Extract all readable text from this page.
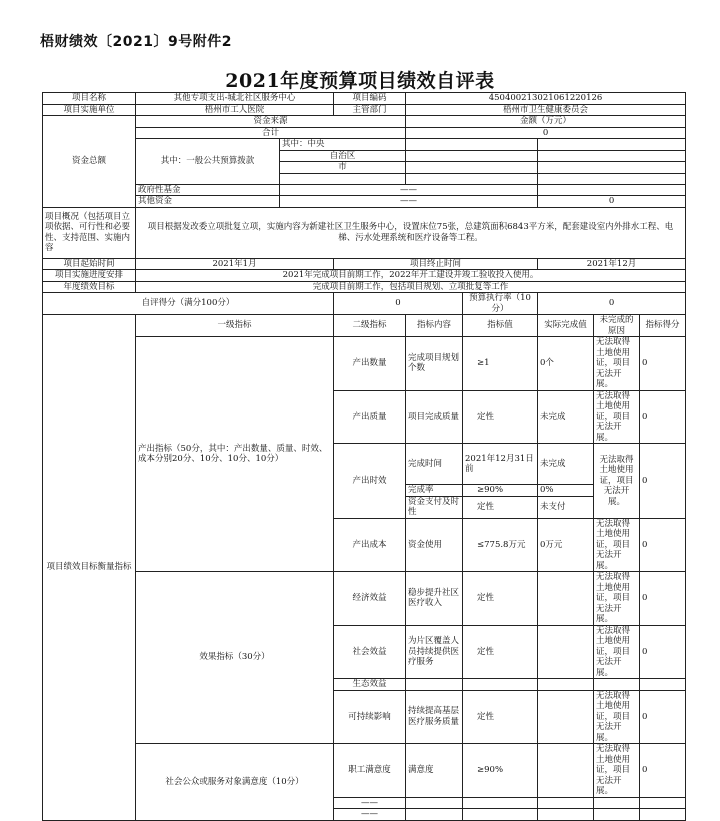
梧财绩效〔2021〕9号附件2
2021年度预算项目绩效自评表
项目名称	其他专项支出-城北社区服务中心		项目编码	450400213021061220126				
项目实施单位	梧州市工人医院		主管部门	梧州市卫生健康委员会				
资金总额	资金来源			金额（万元）				
	合计			0				
	其中：一般公共预算拨款	其中：中央						
		自治区						
		市						

	政府性基金	——						
	其他资金	——				0		
项目概况（包括项目立项依据、可行性和必要性、支持范围、实施内容	项目根据发改委立项批复立项，实施内容为新建社区卫生服务中心，设置床位75张，总建筑面积6843平方米，配套建设室内外排水工程、电梯、污水处理系统和医疗设备等工程。							
项目起始时间	2021年1月		项目终止时间			2021年12月		
项目实施进度安排	2021年完成项目前期工作，2022年开工建设并竣工验收投入使用。							
年度绩效目标	完成项目前期工作，包括项目规划、立项批复等工作							
自评得分（满分100分）			0		预算执行率（10分）	0		
项目绩效目标衡量指标	一级指标		二级指标	指标内容	指标值	实际完成值	未完成的原因	指标得分
	产出指标（50分，其中：产出数量、质量、时效、成本分别20分、10分、10分、10分）		产出数量	完成项目规划个数	≥1	0个	无法取得土地使用证，项目无法开展。	0
			产出质量	项目完成质量	定性	未完成	无法取得土地使用证，项目无法开展。	0
			产出时效	完成时间	2021年12月31日前	未完成	无法取得土地使用证，项目无法开展。	0
				完成率	≥90%	0%		
				资金支付及时性	定性	未支付		
			产出成本	资金使用	≤775.8万元	0万元	无法取得土地使用证，项目无法开展。	0
	效果指标（30分）		经济效益	稳步提升社区医疗收入	定性		无法取得土地使用证，项目无法开展。	0
			社会效益	为片区覆盖人员持续提供医疗服务	定性		无法取得土地使用证，项目无法开展。	0
			生态效益					
			可持续影响	持续提高基层医疗服务质量	定性		无法取得土地使用证，项目无法开展。	0
	社会公众或服务对象满意度（10分）		职工满意度	满意度	≥90%		无法取得土地使用证，项目无法开展。	0
			——					
			——					
